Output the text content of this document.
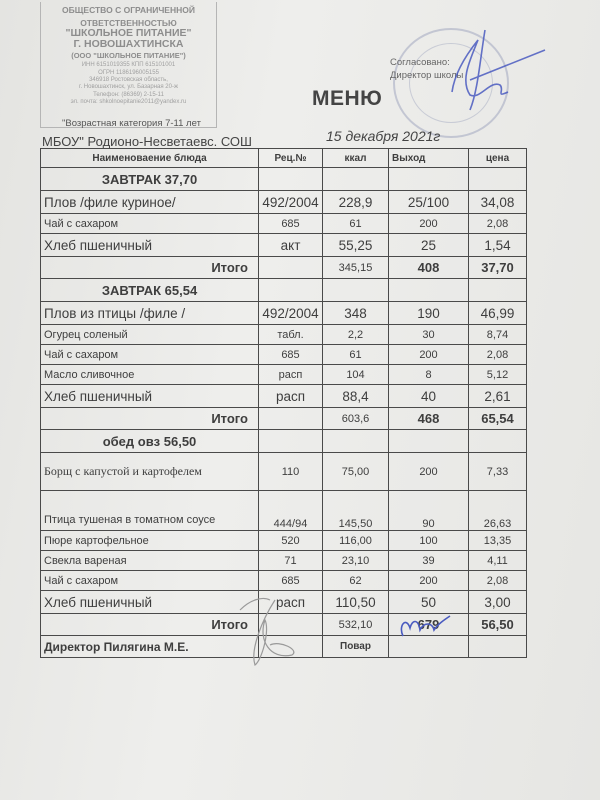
ОБЩЕСТВО С ОГРАНИЧЕННОЙ
ОТВЕТСТВЕННОСТЬЮ
"ШКОЛЬНОЕ ПИТАНИЕ"
Г. НОВОШАХТИНСКА
(ООО "ШКОЛЬНОЕ ПИТАНИЕ")
ИНН 6151019355 КПП 615101001
ОГРН 1186196005155
346918 Ростовская область,
г. Новошахтинск, ул. Базарная 20-ж
Телефон: (86369) 2-15-11
эл. почта: shkolnoepitanie2011@yandex.ru
"Возрастная категория 7-11 лет
МБОУ" Родионо-Несветаевс. СОШ
Согласовано:
Директор школы
МЕНЮ
15 декабря 2021г
Наименоваение блюда	Рец.№	ккал	Выход	цена
ЗАВТРАК 37,70				
Плов /филе куриное/	492/2004	228,9	25/100	34,08
Чай с сахаром	685	61	200	2,08
Хлеб пшеничный	акт	55,25	25	1,54
Итого		345,15	408	37,70
ЗАВТРАК 65,54				
Плов из птицы /филе /	492/2004	348	190	46,99
Огурец соленый	табл.	2,2	30	8,74
Чай с сахаром	685	61	200	2,08
Масло сливочное	расп	104	8	5,12
Хлеб пшеничный	расп	88,4	40	2,61
Итого		603,6	468	65,54
обед овз 56,50				
Борщ с капустой и картофелем	110	75,00	200	7,33
Птица тушеная в томатном соусе	444/94	145,50	90	26,63
Пюре картофельное	520	116,00	100	13,35
Свекла вареная	71	23,10	39	4,11
Чай с сахаром	685	62	200	2,08
Хлеб пшеничный	расп	110,50	50	3,00
Итого		532,10	679	56,50
Директор Пилягина М.Е.		Повар		
